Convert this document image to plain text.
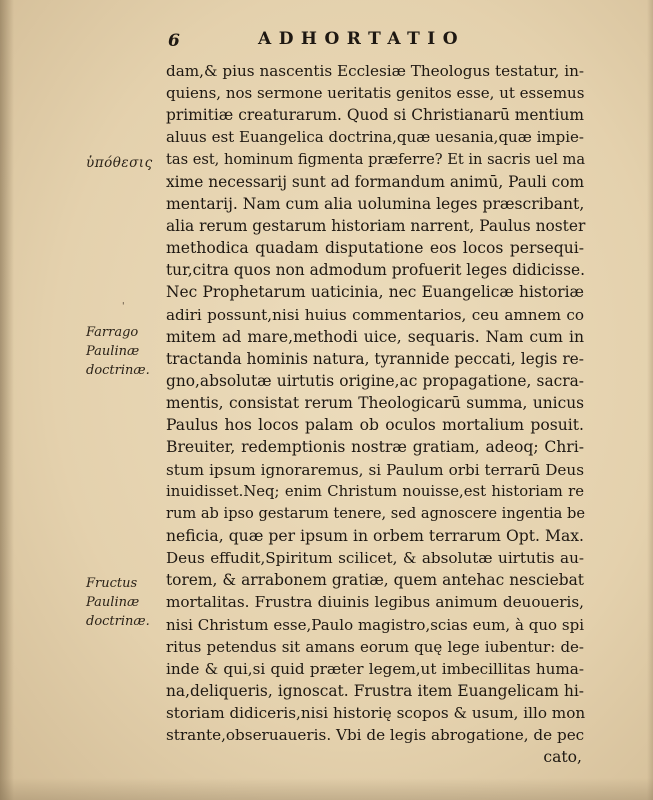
6	ADHORTATIO
ὑπόθεσις
'
Farrago
Paulinæ
doctrinæ.
Fructus
Paulinæ
doctrinæ.
dam,& pius nascentis Ecclesiæ Theologus testatur, in-
quiens, nos sermone ueritatis genitos esse, ut essemus
primitiæ creaturarum. Quod si Christianarū mentium
aluus est Euangelica doctrina,quæ uesania,quæ impie-
tas est, hominum figmenta præferre? Et in sacris uel ma
xime necessarij sunt ad formandum animū, Pauli com
mentarij. Nam cum alia uolumina leges præscribant,
alia rerum gestarum historiam narrent, Paulus noster
methodica quadam disputatione eos locos persequi-
tur,citra quos non admodum profuerit leges didicisse.
Nec Prophetarum uaticinia, nec Euangelicæ historiæ
adiri possunt,nisi huius commentarios, ceu amnem co
mitem ad mare,methodi uice, sequaris. Nam cum in
tractanda hominis natura, tyrannide peccati, legis re-
gno,absolutæ uirtutis origine,ac propagatione, sacra-
mentis, consistat rerum Theologicarū summa, unicus
Paulus hos locos palam ob oculos mortalium posuit.
Breuiter, redemptionis nostræ gratiam, adeoq; Chri-
stum ipsum ignoraremus, si Paulum orbi terrarū Deus
inuidisset.Neq; enim Christum nouisse,est historiam re
rum ab ipso gestarum tenere, sed agnoscere ingentia be
neficia, quæ per ipsum in orbem terrarum Opt. Max.
Deus effudit,Spiritum scilicet, & absolutæ uirtutis au-
torem, & arrabonem gratiæ, quem antehac nesciebat
mortalitas. Frustra diuinis legibus animum deuoueris,
nisi Christum esse,Paulo magistro,scias eum, à quo spi
ritus petendus sit amans eorum quę lege iubentur: de-
inde & qui,si quid præter legem,ut imbecillitas huma-
na,deliqueris, ignoscat. Frustra item Euangelicam hi-
storiam didiceris,nisi historię scopos & usum, illo mon
strante,obseruaueris. Vbi de legis abrogatione, de pec
cato,
